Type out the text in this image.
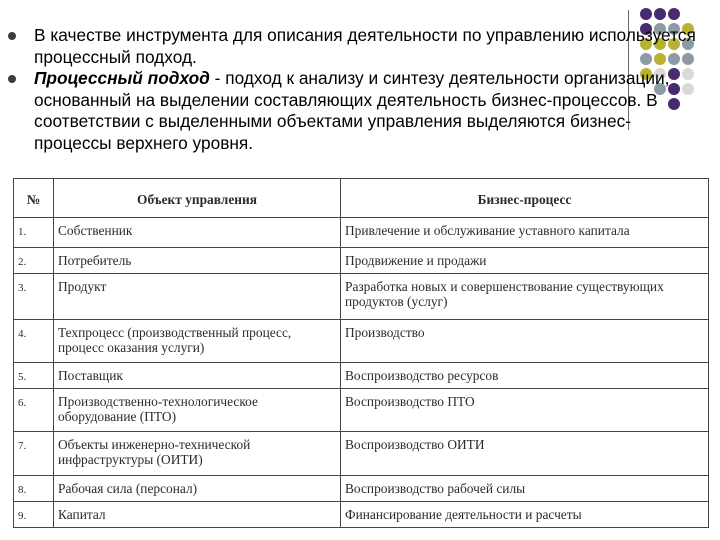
В качестве инструмента для описания деятельности по управлению используется процессный подход.
Процессный подход - подход к анализу и синтезу деятельности организации, основанный на выделении составляющих деятельность бизнес-процессов. В соответствии с выделенными объектами управления выделяются бизнес-процессы верхнего уровня.
№	Объект управления	Бизнес-процесс
1.	Собственник	Привлечение и обслуживание уставного капитала
2.	Потребитель	Продвижение и продажи
3.	Продукт	Разработка новых и совершенствование существующих продуктов (услуг)
4.	Техпроцесс (производственный процесс, процесс оказания услуги)	Производство
5.	Поставщик	Воспроизводство ресурсов
6.	Производственно-технологическое оборудование (ПТО)	Воспроизводство ПТО
7.	Объекты инженерно-технической инфраструктуры (ОИТИ)	Воспроизводство ОИТИ
8.	Рабочая сила (персонал)	Воспроизводство рабочей силы
9.	Капитал	Финансирование деятельности и расчеты
